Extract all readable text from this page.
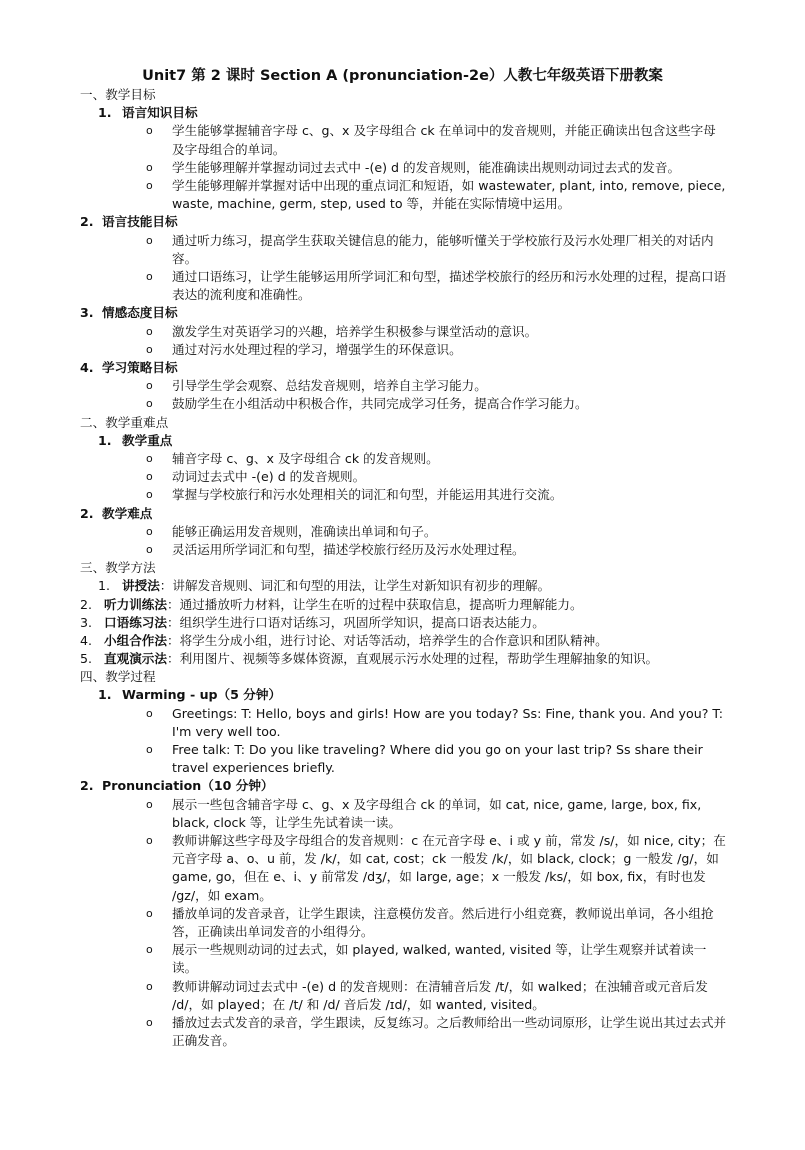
Unit7 第 2 课时 Section A (pronunciation-2e）人教七年级英语下册教案
一、教学目标
1. 语言知识目标
o	学生能够掌握辅音字母 c、g、x 及字母组合 ck 在单词中的发音规则，并能正确读出包含这些字母及字母组合的单词。
o	学生能够理解并掌握动词过去式中 -(e) d 的发音规则，能准确读出规则动词过去式的发音。
o	学生能够理解并掌握对话中出现的重点词汇和短语，如 wastewater, plant, into, remove, piece, waste, machine, germ, step, used to 等，并能在实际情境中运用。
2. 语言技能目标
o	通过听力练习，提高学生获取关键信息的能力，能够听懂关于学校旅行及污水处理厂相关的对话内容。
o	通过口语练习，让学生能够运用所学词汇和句型，描述学校旅行的经历和污水处理的过程，提高口语表达的流利度和准确性。
3. 情感态度目标
o	激发学生对英语学习的兴趣，培养学生积极参与课堂活动的意识。
o	通过对污水处理过程的学习，增强学生的环保意识。
4. 学习策略目标
o	引导学生学会观察、总结发音规则，培养自主学习能力。
o	鼓励学生在小组活动中积极合作，共同完成学习任务，提高合作学习能力。
二、教学重难点
1. 教学重点
o	辅音字母 c、g、x 及字母组合 ck 的发音规则。
o	动词过去式中 -(e) d 的发音规则。
o	掌握与学校旅行和污水处理相关的词汇和句型，并能运用其进行交流。
2. 教学难点
o	能够正确运用发音规则，准确读出单词和句子。
o	灵活运用所学词汇和句型，描述学校旅行经历及污水处理过程。
三、教学方法
1. 讲授法 ：讲解发音规则、词汇和句型的用法，让学生对新知识有初步的理解。
2. 听力训练法 ：通过播放听力材料，让学生在听的过程中获取信息，提高听力理解能力。
3. 口语练习法 ：组织学生进行口语对话练习，巩固所学知识，提高口语表达能力。
4. 小组合作法 ：将学生分成小组，进行讨论、对话等活动，培养学生的合作意识和团队精神。
5. 直观演示法 ：利用图片、视频等多媒体资源，直观展示污水处理的过程，帮助学生理解抽象的知识。
四、教学过程
1. Warming - up（5 分钟）
o	Greetings: T: Hello, boys and girls! How are you today? Ss: Fine, thank you. And you? T: I'm very well too.
o	Free talk: T: Do you like traveling? Where did you go on your last trip? Ss share their travel experiences briefly.
2. Pronunciation（10 分钟）
o	展示一些包含辅音字母 c、g、x 及字母组合 ck 的单词，如 cat, nice, game, large, box, fix, black, clock 等，让学生先试着读一读。
o	教师讲解这些字母及字母组合的发音规则：c 在元音字母 e、i 或 y 前，常发 /s/，如 nice, city；在元音字母 a、o、u 前，发 /k/，如 cat, cost；ck 一般发 /k/，如 black, clock；g 一般发 /g/，如 game, go，但在 e、i、y 前常发 /dʒ/，如 large, age；x 一般发 /ks/，如 box, fix，有时也发 /gz/，如 exam。
o	播放单词的发音录音，让学生跟读，注意模仿发音。然后进行小组竞赛，教师说出单词，各小组抢答，正确读出单词发音的小组得分。
o	展示一些规则动词的过去式，如 played, walked, wanted, visited 等，让学生观察并试着读一读。
o	教师讲解动词过去式中 -(e) d 的发音规则：在清辅音后发 /t/，如 walked；在浊辅音或元音后发 /d/，如 played；在 /t/ 和 /d/ 音后发 /ɪd/，如 wanted, visited。
o	播放过去式发音的录音，学生跟读，反复练习。之后教师给出一些动词原形，让学生说出其过去式并正确发音。
